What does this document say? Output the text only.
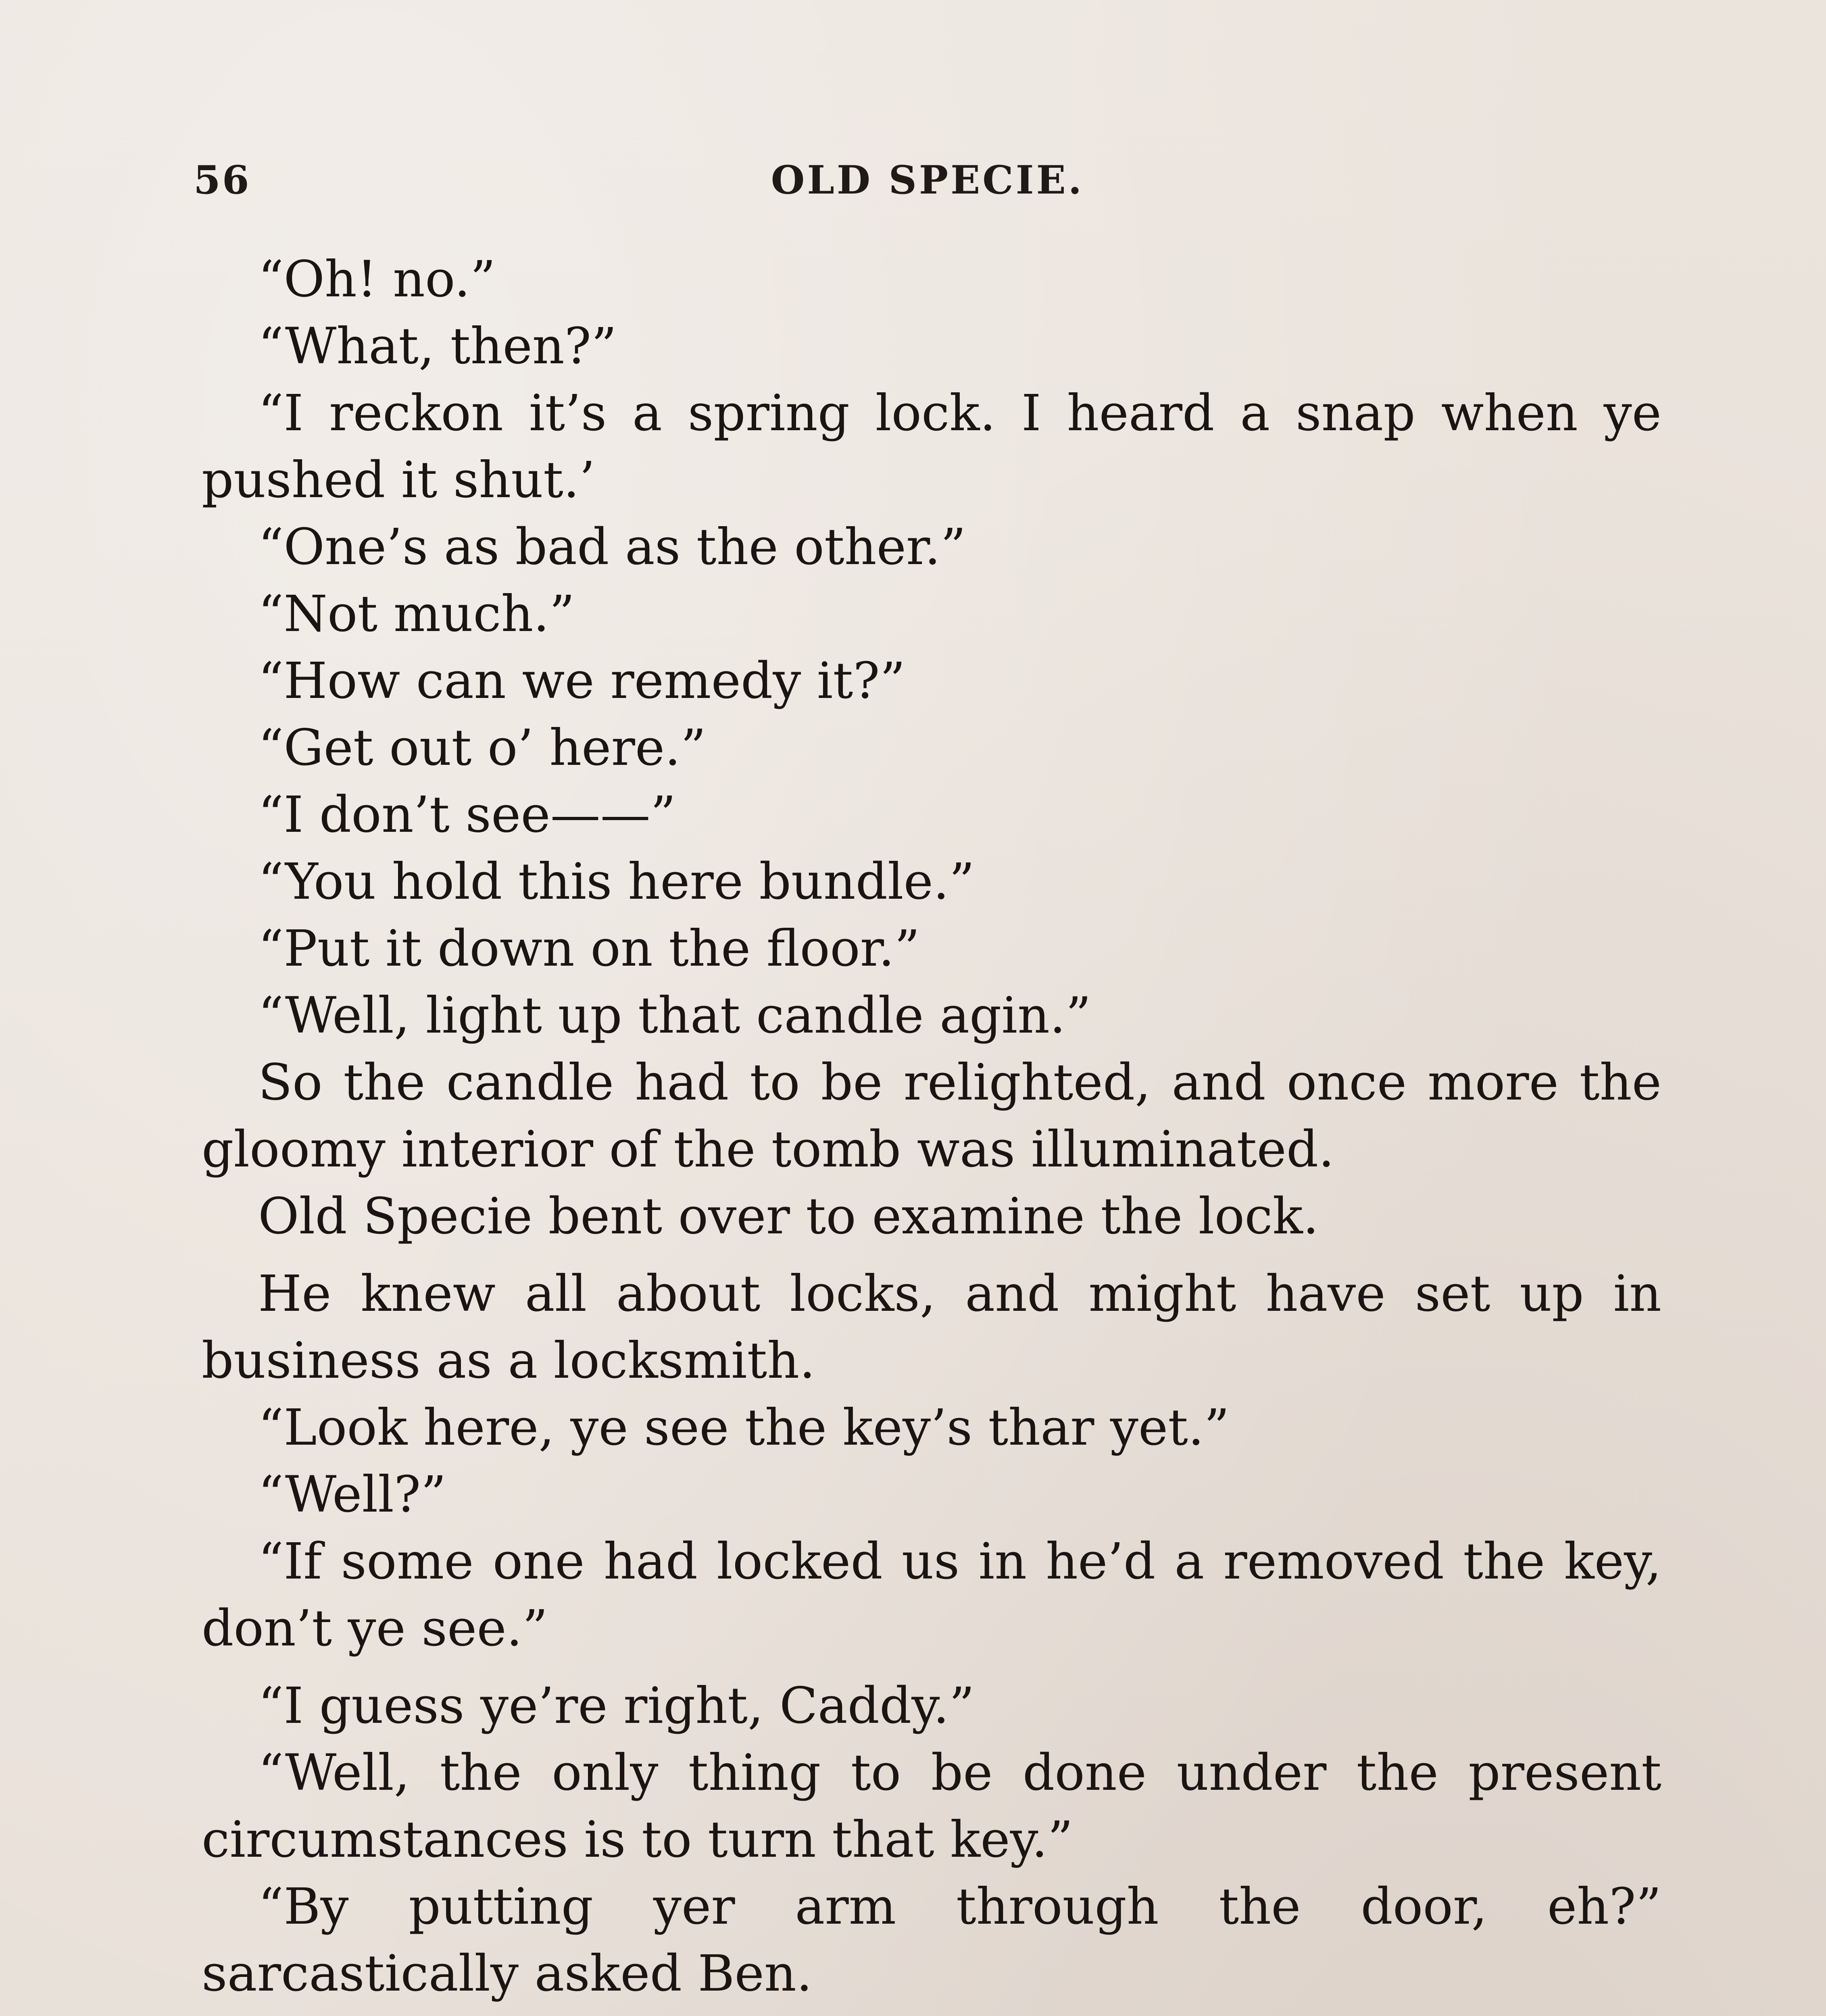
56	OLD SPECIE.

“Oh! no.”

“What, then?”

“I reckon it’s a spring lock. I heard a snap when ye pushed it shut.’

“One’s as bad as the other.”

“Not much.”

“How can we remedy it?”

“Get out o’ here.”

“I don’t see——”

“You hold this here bundle.”

“Put it down on the floor.”

“Well, light up that candle agin.”

So the candle had to be relighted, and once more the gloomy interior of the tomb was illuminated.

Old Specie bent over to examine the lock.

He knew all about locks, and might have set up in business as a locksmith.

“Look here, ye see the key’s thar yet.”

“Well?”

“If some one had locked us in he’d a removed the key, don’t ye see.”

“I guess ye’re right, Caddy.”

“Well, the only thing to be done under the present circumstances is to turn that key.”

“By putting yer arm through the door, eh?” sarcastically asked Ben.
